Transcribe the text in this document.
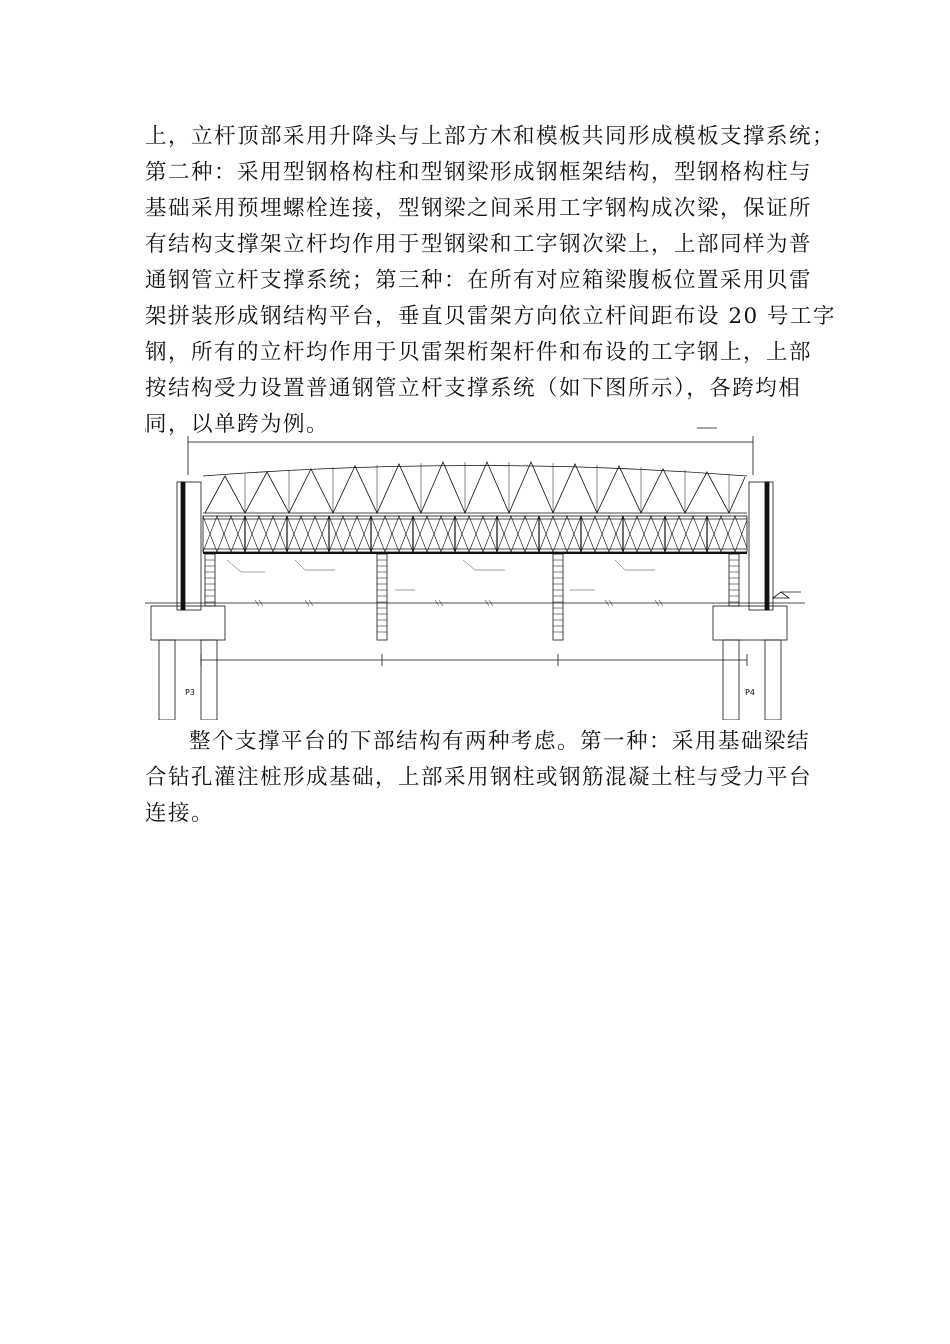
上，立杆顶部采用升降头与上部方木和模板共同形成模板支撑系统；
第二种：采用型钢格构柱和型钢梁形成钢框架结构，型钢格构柱与
基础采用预埋螺栓连接，型钢梁之间采用工字钢构成次梁，保证所
有结构支撑架立杆均作用于型钢梁和工字钢次梁上，上部同样为普
通钢管立杆支撑系统；第三种：在所有对应箱梁腹板位置采用贝雷
架拼装形成钢结构平台，垂直贝雷架方向依立杆间距布设 20 号工字
钢，所有的立杆均作用于贝雷架桁架杆件和布设的工字钢上，上部
按结构受力设置普通钢管立杆支撑系统（如下图所示），各跨均相
同，以单跨为例。
P3	P4
整个支撑平台的下部结构有两种考虑。第一种：采用基础梁结
合钻孔灌注桩形成基础，上部采用钢柱或钢筋混凝土柱与受力平台
连接。
